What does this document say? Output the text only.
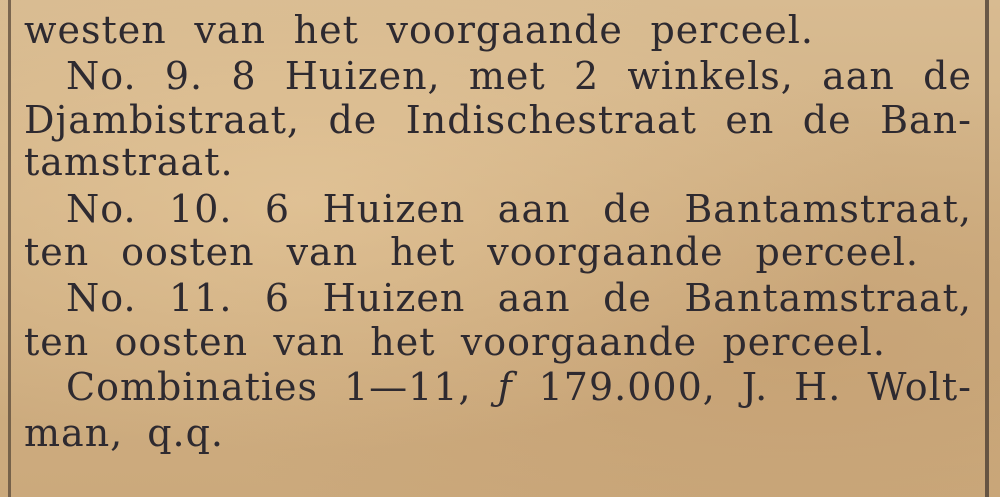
westen van het voorgaande perceel.
No. 9. 8 Huizen, met 2 winkels, aan de
Djambistraat, de Indischestraat en de Ban-
tamstraat.
No. 10. 6 Huizen aan de Bantamstraat,
ten oosten van het voorgaande perceel.
No. 11. 6 Huizen aan de Bantamstraat,
ten oosten van het voorgaande perceel.
Combinaties 1—11, ƒ 179.000, J. H. Wolt-
man, q.q.
